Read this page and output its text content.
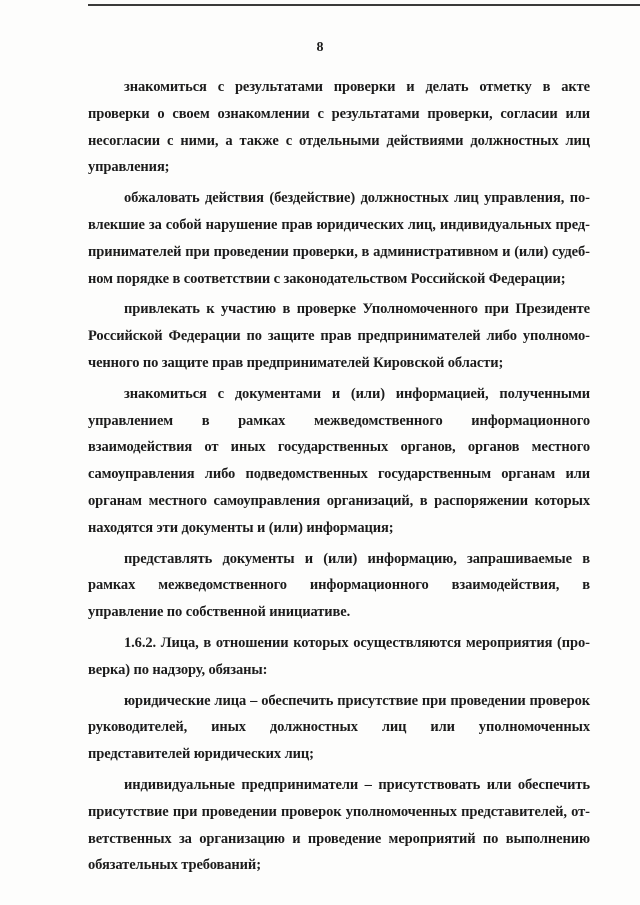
8

знакомиться с результатами проверки и делать отметку в акте проверки о своем ознакомлении с результатами проверки, согласии или несогласии с ними, а также с отдельными действиями должностных лиц управления;

обжаловать действия (бездействие) должностных лиц управления, повлекшие за собой нарушение прав юридических лиц, индивидуальных предпринимателей при проведении проверки, в административном и (или) судебном порядке в соответствии с законодательством Российской Федерации;

привлекать к участию в проверке Уполномоченного при Президенте Российской Федерации по защите прав предпринимателей либо уполномоченного по защите прав предпринимателей Кировской области;

знакомиться с документами и (или) информацией, полученными управлением в рамках межведомственного информационного взаимодействия от иных государственных органов, органов местного самоуправления либо подведомственных государственным органам или органам местного самоуправления организаций, в распоряжении которых находятся эти документы и (или) информация;

представлять документы и (или) информацию, запрашиваемые в рамках межведомственного информационного взаимодействия, в управление по собственной инициативе.

1.6.2. Лица, в отношении которых осуществляются мероприятия (проверка) по надзору, обязаны:

юридические лица – обеспечить присутствие при проведении проверок руководителей, иных должностных лиц или уполномоченных представителей юридических лиц;

индивидуальные предприниматели – присутствовать или обеспечить присутствие при проведении проверок уполномоченных представителей, ответственных за организацию и проведение мероприятий по выполнению обязательных требований;
